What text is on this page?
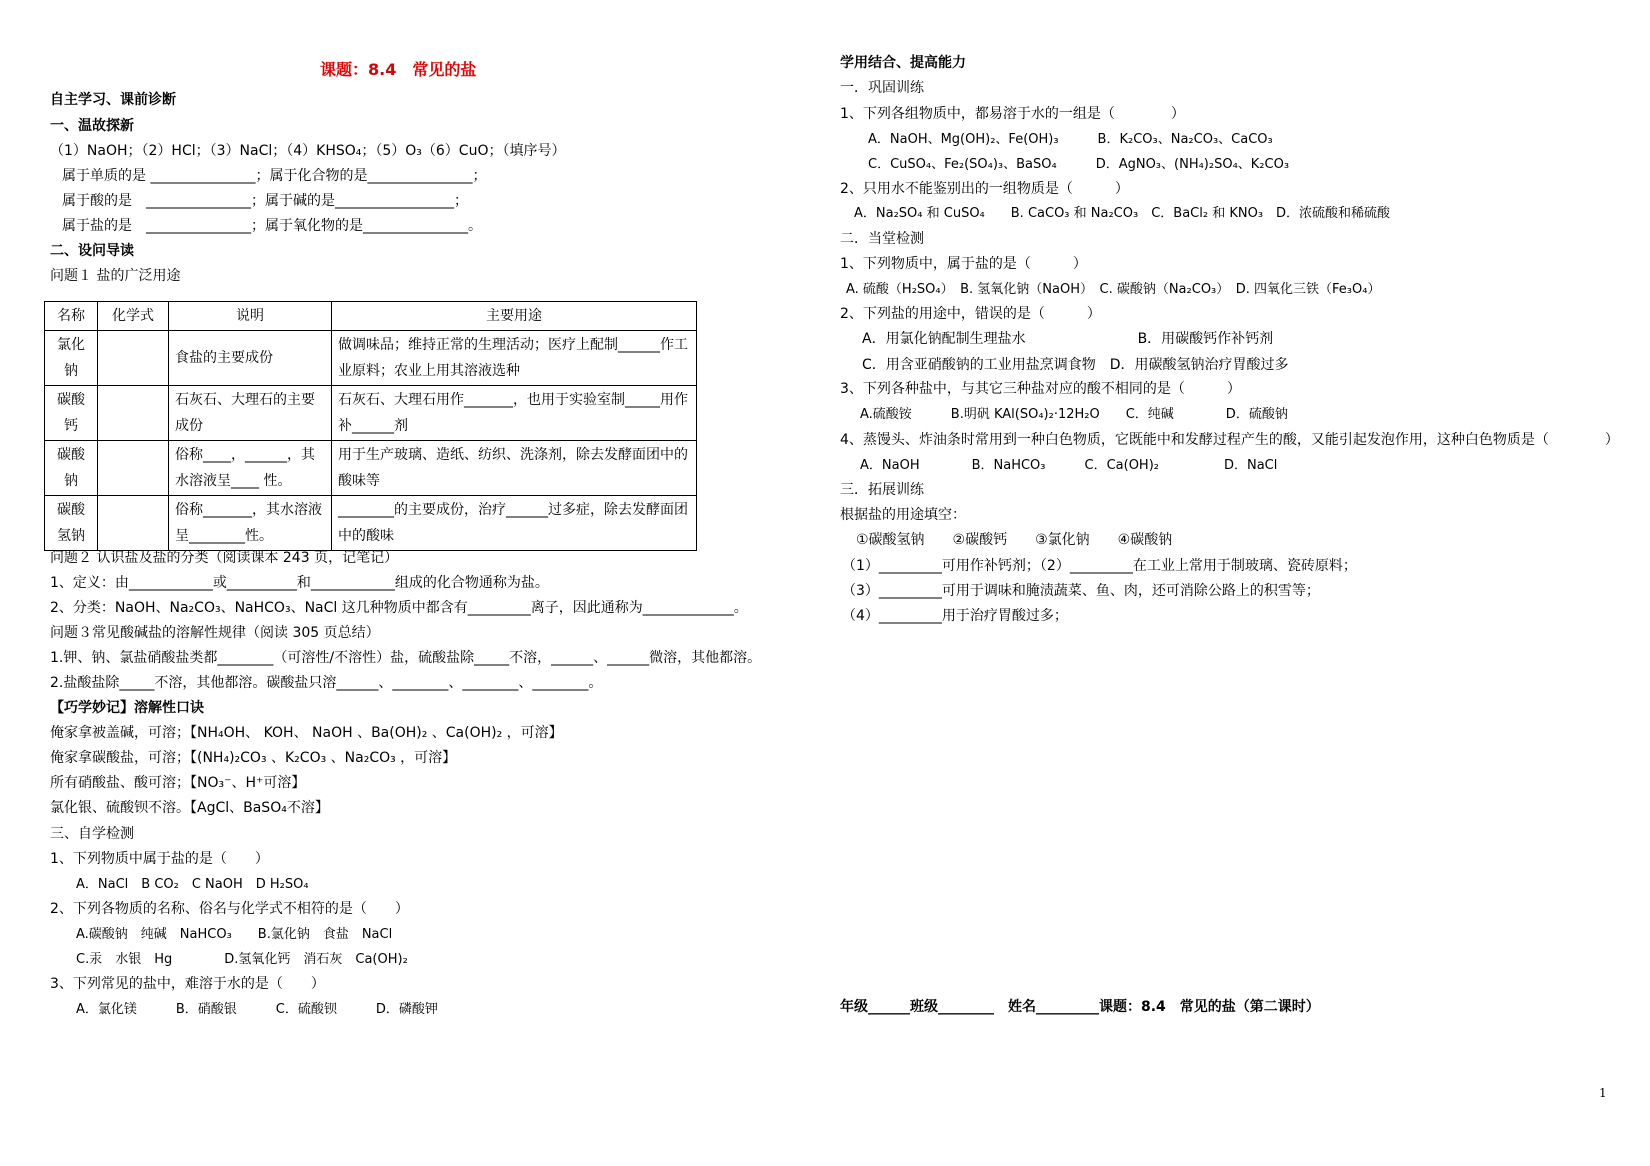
课题：8.4　常见的盐
自主学习、课前诊断
一、温故探新
（1）NaOH；（2）HCl；（3）NaCl；（4）KHSO₄；（5）O₃（6）CuO；（填序号）
属于单质的是 _______________；属于化合物的是_______________；
属于酸的是　_______________；属于碱的是_________________；
属于盐的是　_______________；属于氧化物的是_______________。
二、设问导读
问题１ 盐的广泛用途
名称	化学式	说明	主要用途
氯化钠		食盐的主要成份	做调味品；维持正常的生理活动；医疗上配制______作工业原料；农业上用其溶液选种
碳酸钙		石灰石、大理石的主要成份	石灰石、大理石用作_______，也用于实验室制_____用作补______剂
碳酸钠		俗称____，______，其水溶液呈____ 性。	用于生产玻璃、造纸、纺织、洗涤剂，除去发酵面团中的酸味等
碳酸氢钠		俗称_______，其水溶液呈________性。	________的主要成份，治疗______过多症，除去发酵面团中的酸味
问题２ 认识盐及盐的分类（阅读课本 243 页，记笔记）
1、定义：由____________或__________和____________组成的化合物通称为盐。
2、分类：NaOH、Na₂CO₃、NaHCO₃、NaCl 这几种物质中都含有_________离子，因此通称为_____________。
问题３常见酸碱盐的溶解性规律（阅读 305 页总结）
1.钾、钠、氯盐硝酸盐类都________（可溶性/不溶性）盐，硫酸盐除_____不溶，______、______微溶，其他都溶。
2.盐酸盐除_____不溶，其他都溶。碳酸盐只溶______、________、________、________。
【巧学妙记】溶解性口诀
俺家拿被盖碱，可溶；【NH₄OH、 KOH、 NaOH 、Ba(OH)₂ 、Ca(OH)₂ ，可溶】
俺家拿碳酸盐，可溶；【(NH₄)₂CO₃ 、K₂CO₃ 、Na₂CO₃ ，可溶】
所有硝酸盐、酸可溶；【NO₃⁻、H⁺可溶】
氯化银、硫酸钡不溶。【AgCl、BaSO₄不溶】
三、自学检测
1、下列物质中属于盐的是（　　）
A．NaCl　B CO₂　C NaOH　D H₂SO₄
2、下列各物质的名称、俗名与化学式不相符的是（　　）
A.碳酸钠　纯碱　NaHCO₃　　B.氯化钠　食盐　NaCl
C.汞　水银　Hg　　　　D.氢氧化钙　消石灰　Ca(OH)₂
3、下列常见的盐中，难溶于水的是（　　）
A．氯化镁　　　B．硝酸银　　　C．硫酸钡　　　D．磷酸钾
学用结合、提高能力
一．巩固训练
1、下列各组物质中，都易溶于水的一组是（　　　　）
A．NaOH、Mg(OH)₂、Fe(OH)₃　　　B．K₂CO₃、Na₂CO₃、CaCO₃
C．CuSO₄、Fe₂(SO₄)₃、BaSO₄　　　D．AgNO₃、(NH₄)₂SO₄、K₂CO₃
2、只用水不能鉴别出的一组物质是（　　　）
A．Na₂SO₄ 和 CuSO₄　　B. CaCO₃ 和 Na₂CO₃　C．BaCl₂ 和 KNO₃　D．浓硫酸和稀硫酸
二．当堂检测
1、下列物质中，属于盐的是（　　　）
A. 硫酸（H₂SO₄）　B. 氢氧化钠（NaOH）　C. 碳酸钠（Na₂CO₃）　D. 四氧化三铁（Fe₃O₄）
2、下列盐的用途中，错误的是（　　　）
A．用氯化钠配制生理盐水　　　　　　　　B．用碳酸钙作补钙剂
C．用含亚硝酸钠的工业用盐烹调食物　D．用碳酸氢钠治疗胃酸过多
3、下列各种盐中，与其它三种盐对应的酸不相同的是（　　　）
A.硫酸铵　　　B.明矾 KAl(SO₄)₂·12H₂O　　C．纯碱　　　　D．硫酸钠
4、蒸馒头、炸油条时常用到一种白色物质，它既能中和发酵过程产生的酸，又能引起发泡作用，这种白色物质是（　　　　）
A．NaOH　　　　B．NaHCO₃　　　C．Ca(OH)₂　　　　　D．NaCl
三．拓展训练
根据盐的用途填空：
①碳酸氢钠　　②碳酸钙　　③氯化钠　　④碳酸钠
（1）_________可用作补钙剂；（2）_________在工业上常用于制玻璃、瓷砖原料；
（3）_________可用于调味和腌渍蔬菜、鱼、肉，还可消除公路上的积雪等；
（4）_________用于治疗胃酸过多；
年级______班级________　姓名_________课题：8.4　常见的盐（第二课时）
1
